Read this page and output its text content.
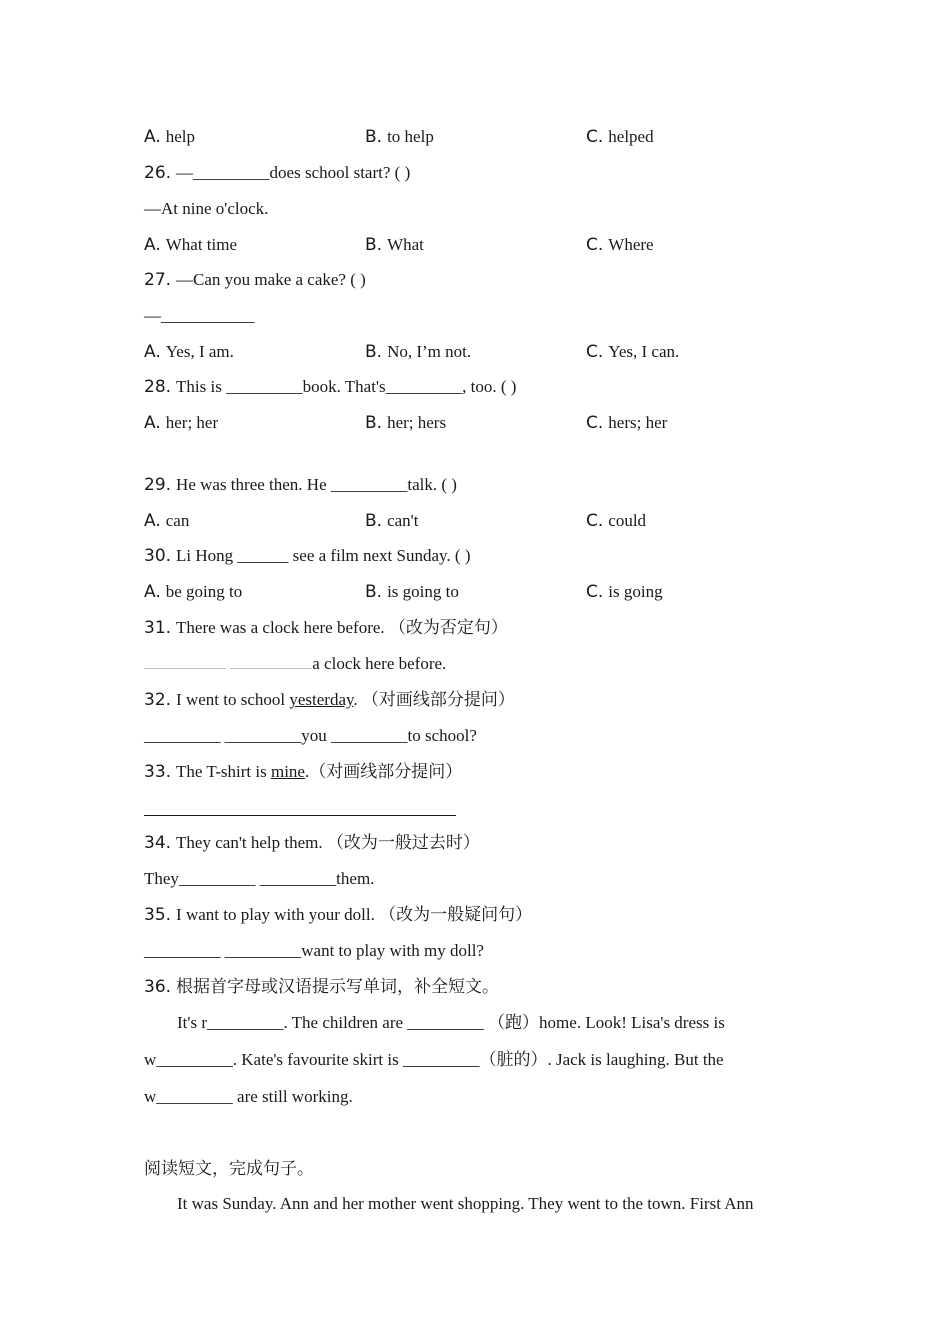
A. help	B. to help	C. helped
26. —_________does school start? ( )
—At nine o'clock.
A. What time	B. What	C. Where
27. —Can you make a cake? ( )
—___________
A. Yes, I am.	B. No, I’m not.	C. Yes, I can.
28. This is _________book. That's_________, too. ( )
A. her; her	B. her; hers	C. hers; her
29. He was three then. He _________talk. ( )
A. can	B. can't	C. could
30. Li Hong ______ see a film next Sunday. ( )
A. be going to	B. is going to	C. is going
31. There was a clock here before. （改为否定句）
a clock here before.
32. I went to school yesterday. （对画线部分提问）
_________ _________you _________to school?
33. The T-shirt is mine.（对画线部分提问）
34. They can't help them. （改为一般过去时）
They_________ _________them.
35. I want to play with your doll. （改为一般疑问句）
_________ _________want to play with my doll?
36. 根据首字母或汉语提示写单词，补全短文。
It's r_________. The children are _________ （跑）home. Look! Lisa's dress is
w_________. Kate's favourite skirt is _________（脏的）. Jack is laughing. But the
w_________ are still working.
阅读短文，完成句子。
It was Sunday. Ann and her mother went shopping. They went to the town. First Ann
